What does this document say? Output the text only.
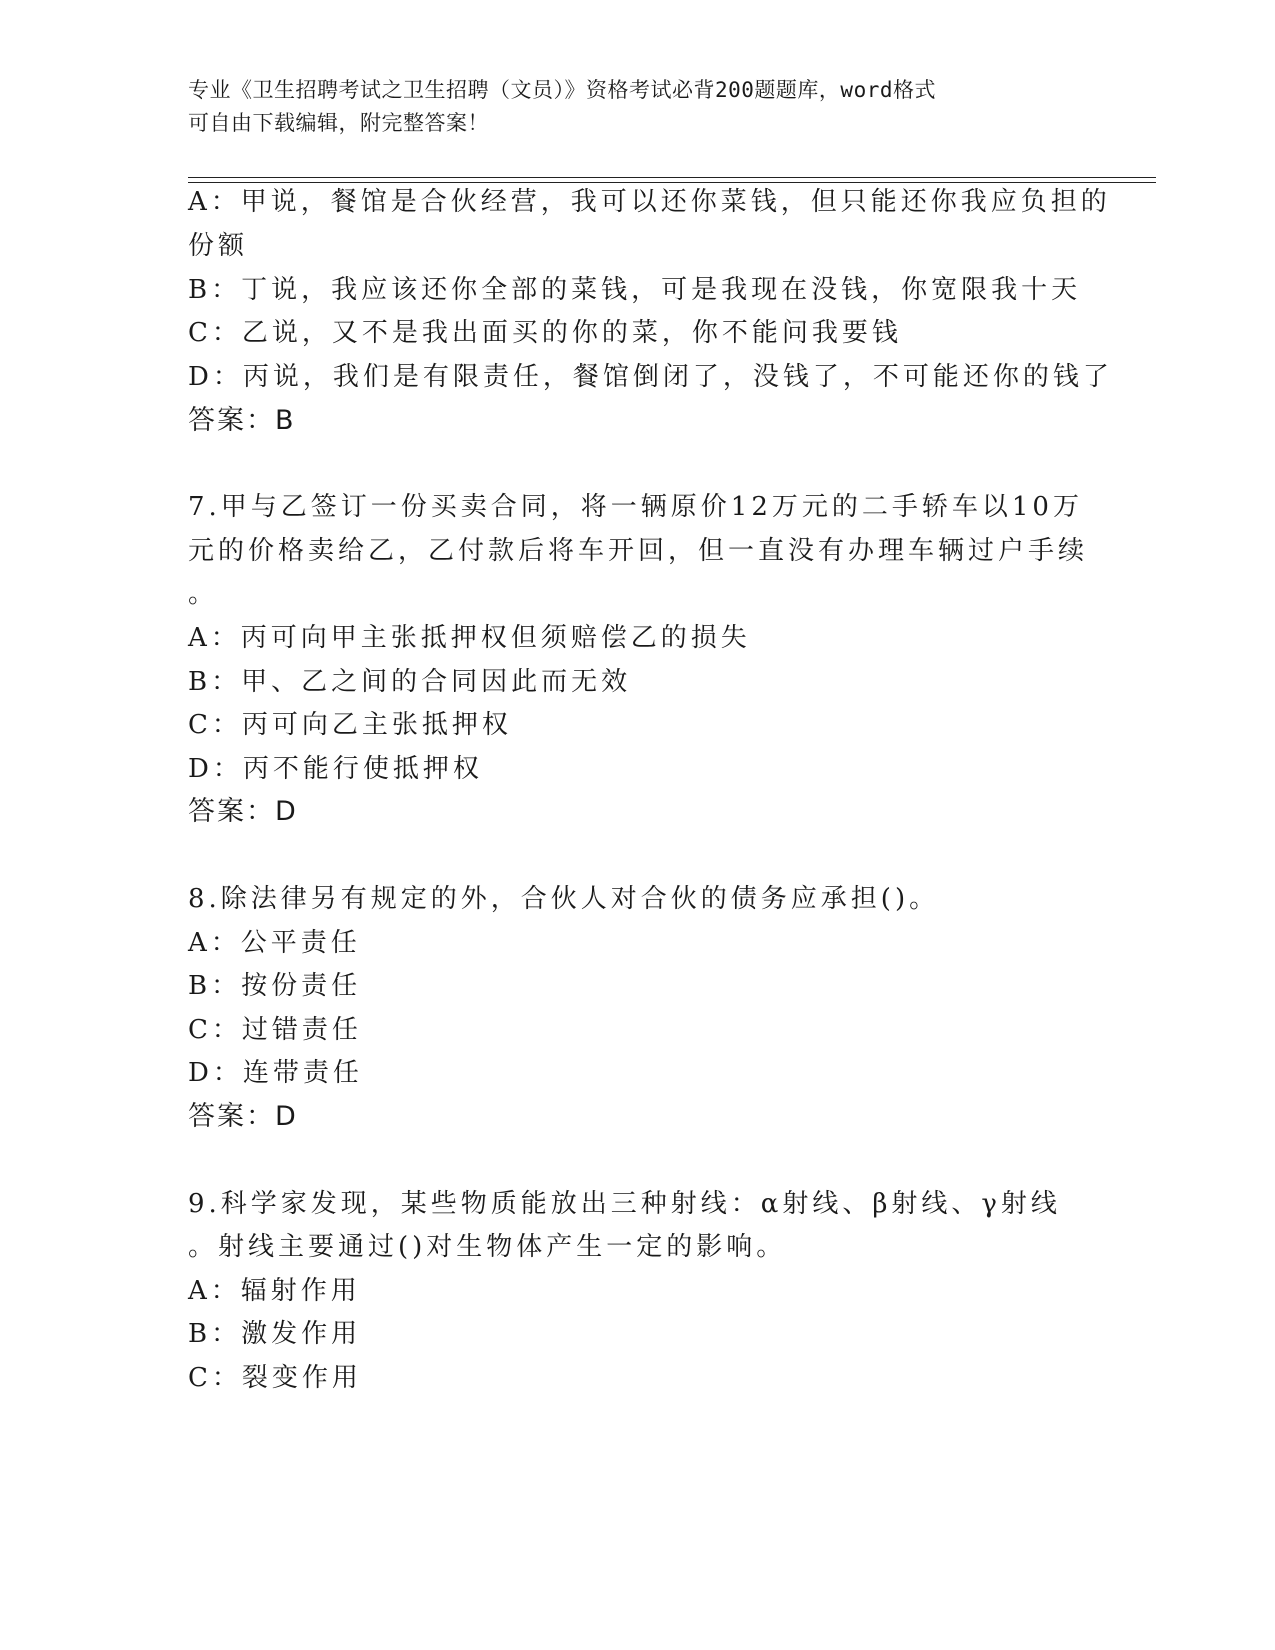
专业《卫生招聘考试之卫生招聘（文员）》资格考试必背200题题库，word格式
可自由下载编辑，附完整答案！
A：甲说，餐馆是合伙经营，我可以还你菜钱，但只能还你我应负担的
份额
B：丁说，我应该还你全部的菜钱，可是我现在没钱，你宽限我十天
C：乙说，又不是我出面买的你的菜，你不能问我要钱
D：丙说，我们是有限责任，餐馆倒闭了，没钱了，不可能还你的钱了
答案：B
7.甲与乙签订一份买卖合同，将一辆原价12万元的二手轿车以10万
元的价格卖给乙，乙付款后将车开回，但一直没有办理车辆过户手续
。
A：丙可向甲主张抵押权但须赔偿乙的损失
B：甲、乙之间的合同因此而无效
C：丙可向乙主张抵押权
D：丙不能行使抵押权
答案：D
8.除法律另有规定的外，合伙人对合伙的债务应承担()。
A：公平责任
B：按份责任
C：过错责任
D：连带责任
答案：D
9.科学家发现，某些物质能放出三种射线：α射线、β射线、γ射线
。射线主要通过()对生物体产生一定的影响。
A：辐射作用
B：激发作用
C：裂变作用
